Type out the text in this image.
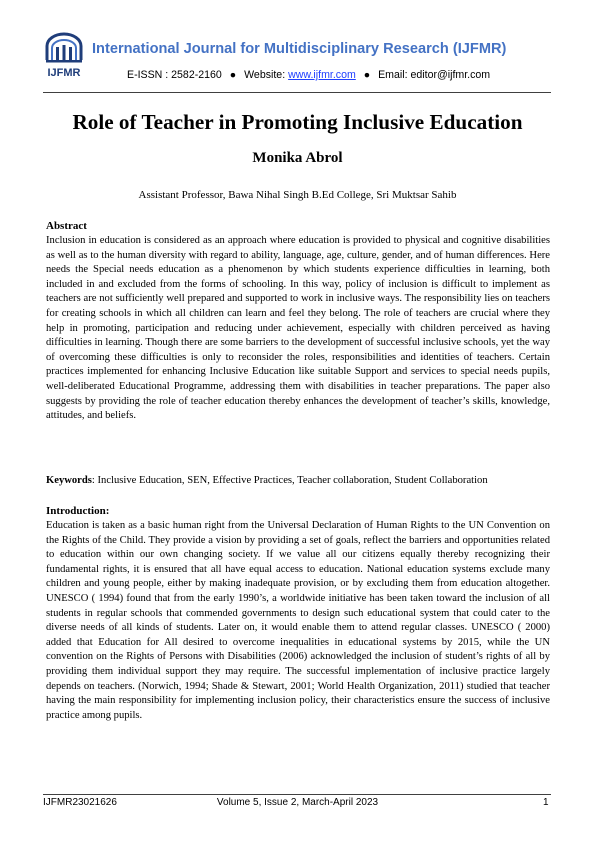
IJFMR
International Journal for Multidisciplinary Research (IJFMR)
E-ISSN : 2582-2160 ● Website: www.ijfmr.com ● Email: editor@ijfmr.com
Role of Teacher in Promoting Inclusive Education
Monika Abrol
Assistant Professor, Bawa Nihal Singh B.Ed College, Sri Muktsar Sahib
Abstract
Inclusion in education is considered as an approach where education is provided to physical and cognitive disabilities as well as to the human diversity with regard to ability, language, age, culture, gender, and of human differences. Here needs the Special needs education as a phenomenon by which students experience difficulties in learning, both included in and excluded from the forms of schooling. In this way, policy of inclusion is difficult to implement as teachers are not sufficiently well prepared and supported to work in inclusive ways. The responsibility lies on teachers for creating schools in which all children can learn and feel they belong. The role of teachers are crucial where they help in promoting, participation and reducing under achievement, especially with children perceived as having difficulties in learning. Though there are some barriers to the development of successful inclusive schools, yet the way of overcoming these difficulties is only to reconsider the roles, responsibilities and identities of teachers. Certain practices implemented for enhancing Inclusive Education like suitable Support and services to special needs pupils, well-deliberated Educational Programme, addressing them with disabilities in teacher preparations. The paper also suggests by providing the role of teacher education thereby enhances the development of teacher’s skills, knowledge, attitudes, and beliefs.
Keywords: Inclusive Education, SEN, Effective Practices, Teacher collaboration, Student Collaboration
Introduction:
Education is taken as a basic human right from the Universal Declaration of Human Rights to the UN Convention on the Rights of the Child. They provide a vision by providing a set of goals, reflect the barriers and opportunities related to education within our own changing society. If we value all our citizens equally thereby recognizing their fundamental rights, it is ensured that all have equal access to education. National education systems exclude many children and young people, either by making inadequate provision, or by excluding them from education altogether. UNESCO ( 1994) found that from the early 1990’s, a worldwide initiative has been taken toward the inclusion of all students in regular schools that commended governments to design such educational system that could cater to the diverse needs of all kinds of students. Later on, it would enable them to attend regular classes. UNESCO ( 2000) added that Education for All desired to overcome inequalities in educational systems by 2015, while the UN convention on the Rights of Persons with Disabilities (2006) acknowledged the inclusion of student’s rights of all by providing them individual support they may require. The successful implementation of inclusive practice largely depends on teachers. (Norwich, 1994; Shade & Stewart, 2001; World Health Organization, 2011) studied that teacher having the main responsibility for implementing inclusion policy, their characteristics ensure the success of inclusive practice among pupils.
IJFMR23021626	Volume 5, Issue 2, March-April 2023	1
